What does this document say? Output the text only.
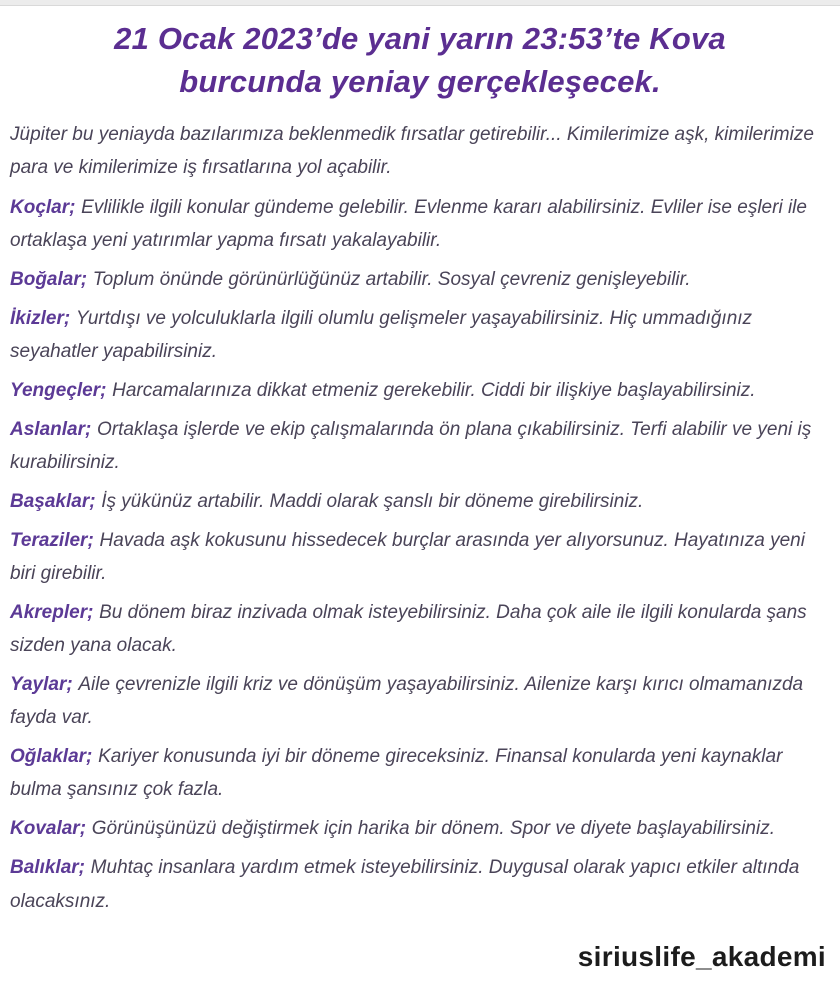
21 Ocak 2023’de yani yarın 23:53’te Kova burcunda yeniay gerçekleşecek.

Jüpiter bu yeniayda bazılarımıza beklenmedik fırsatlar getirebilir... Kimilerimize aşk, kimilerimize para ve kimilerimize iş fırsatlarına yol açabilir.

Koçlar; Evlilikle ilgili konular gündeme gelebilir. Evlenme kararı alabilirsiniz. Evliler ise eşleri ile ortaklaşa yeni yatırımlar yapma fırsatı yakalayabilir.

Boğalar; Toplum önünde görünürlüğünüz artabilir. Sosyal çevreniz genişleyebilir.

İkizler; Yurtdışı ve yolculuklarla ilgili olumlu gelişmeler yaşayabilirsiniz. Hiç ummadığınız seyahatler yapabilirsiniz.

Yengeçler; Harcamalarınıza dikkat etmeniz gerekebilir. Ciddi bir ilişkiye başlayabilirsiniz.

Aslanlar; Ortaklaşa işlerde ve ekip çalışmalarında ön plana çıkabilirsiniz. Terfi alabilir ve yeni iş kurabilirsiniz.

Başaklar; İş yükünüz artabilir. Maddi olarak şanslı bir döneme girebilirsiniz.

Teraziler; Havada aşk kokusunu hissedecek burçlar arasında yer alıyorsunuz. Hayatınıza yeni biri girebilir.

Akrepler; Bu dönem biraz inzivada olmak isteyebilirsiniz. Daha çok aile ile ilgili konularda şans sizden yana olacak.

Yaylar; Aile çevrenizle ilgili kriz ve dönüşüm yaşayabilirsiniz. Ailenize karşı kırıcı olmamanızda fayda var.

Oğlaklar; Kariyer konusunda iyi bir döneme gireceksiniz. Finansal konularda yeni kaynaklar bulma şansınız çok fazla.

Kovalar; Görünüşünüzü değiştirmek için harika bir dönem. Spor ve diyete başlayabilirsiniz.

Balıklar; Muhtaç insanlara yardım etmek isteyebilirsiniz. Duygusal olarak yapıcı etkiler altında olacaksınız.

siriuslife_akademi
